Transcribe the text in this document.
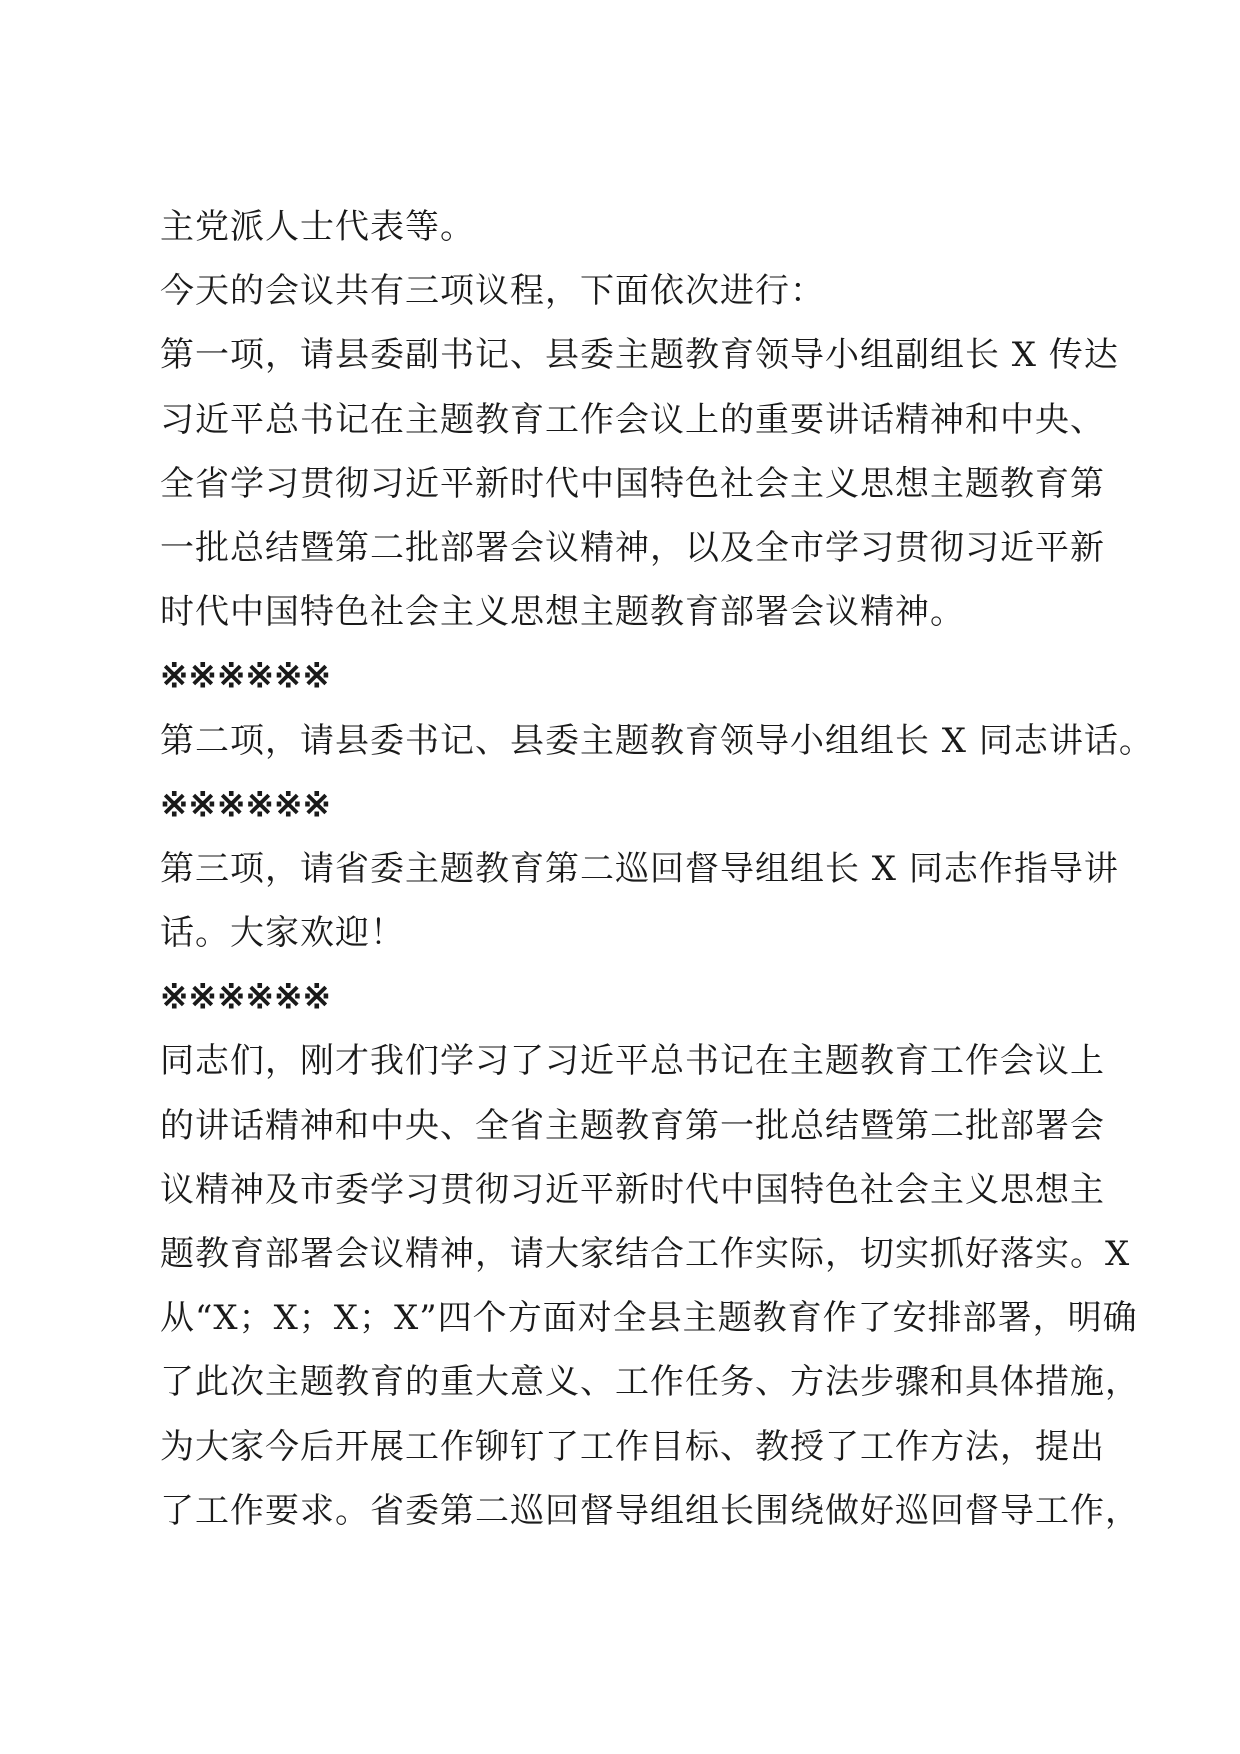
主党派人士代表等。
今天的会议共有三项议程，下面依次进行：
第一项，请县委副书记、县委主题教育领导小组副组长 X 传达
习近平总书记在主题教育工作会议上的重要讲话精神和中央、
全省学习贯彻习近平新时代中国特色社会主义思想主题教育第
一批总结暨第二批部署会议精神，以及全市学习贯彻习近平新
时代中国特色社会主义思想主题教育部署会议精神。
※※※※※※
第二项，请县委书记、县委主题教育领导小组组长 X 同志讲话。
※※※※※※
第三项，请省委主题教育第二巡回督导组组长 X 同志作指导讲
话。大家欢迎！
※※※※※※
同志们，刚才我们学习了习近平总书记在主题教育工作会议上
的讲话精神和中央、全省主题教育第一批总结暨第二批部署会
议精神及市委学习贯彻习近平新时代中国特色社会主义思想主
题教育部署会议精神，请大家结合工作实际，切实抓好落实。X
从“X；X；X；X”四个方面对全县主题教育作了安排部署，明确
了此次主题教育的重大意义、工作任务、方法步骤和具体措施，
为大家今后开展工作铆钉了工作目标、教授了工作方法，提出
了工作要求。省委第二巡回督导组组长围绕做好巡回督导工作，
